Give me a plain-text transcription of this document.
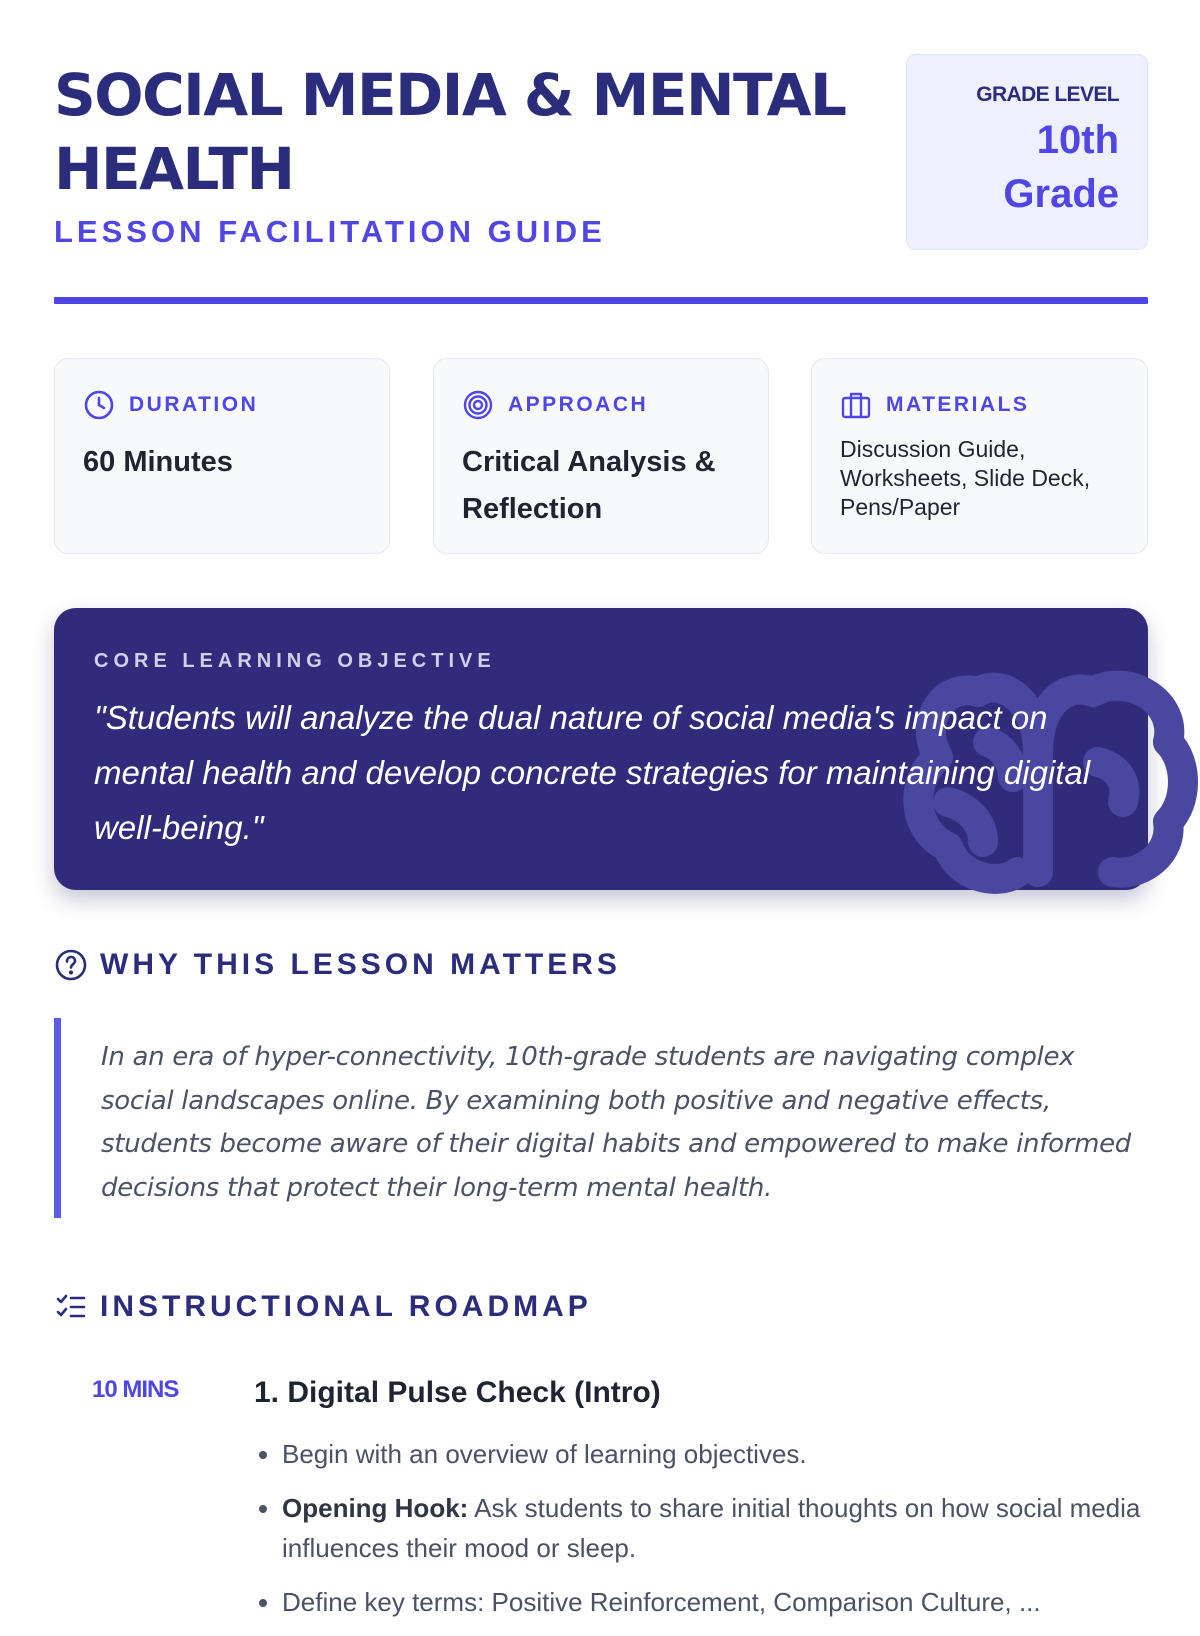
SOCIAL MEDIA & MENTAL HEALTH
LESSON FACILITATION GUIDE
GRADE LEVEL
10th Grade
DURATION
60 Minutes
APPROACH
Critical Analysis & Reflection
MATERIALS
Discussion Guide, Worksheets, Slide Deck, Pens/Paper
CORE LEARNING OBJECTIVE
"Students will analyze the dual nature of social media's impact on mental health and develop concrete strategies for maintaining digital well-being."
WHY THIS LESSON MATTERS

In an era of hyper-connectivity, 10th-grade students are navigating complex social landscapes online. By examining both positive and negative effects, students become aware of their digital habits and empowered to make informed decisions that protect their long-term mental health.

INSTRUCTIONAL ROADMAP
10 MINS	1. Digital Pulse Check (Intro)
• Begin with an overview of learning objectives.
• Opening Hook: Ask students to share initial thoughts on how social media influences their mood or sleep.
• Define key terms: Positive Reinforcement, Comparison Culture, ...
